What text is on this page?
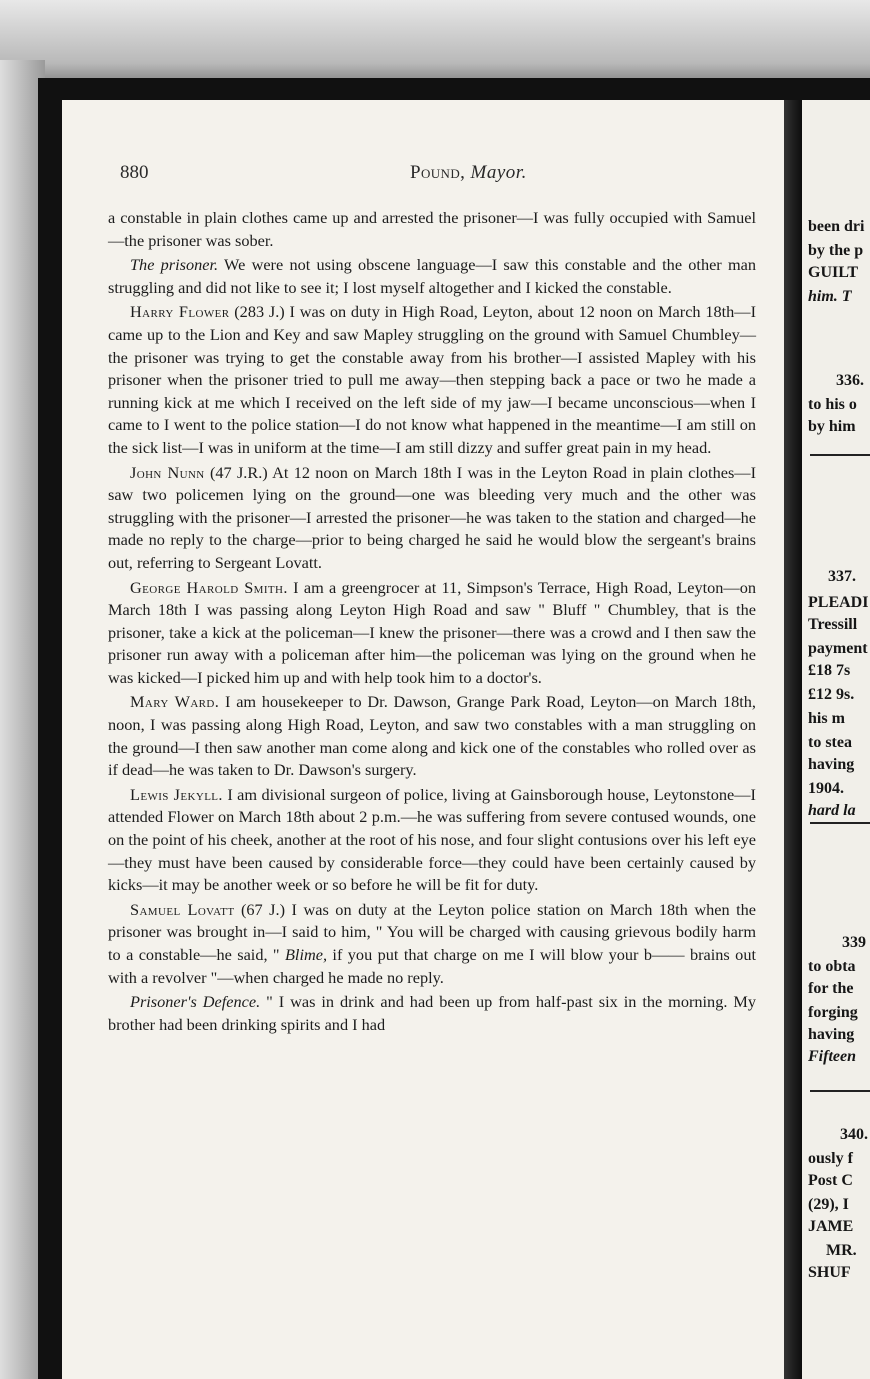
880	Pound, Mayor.

a constable in plain clothes came up and arrested the prisoner—I was fully occupied with Samuel—the prisoner was sober.

The prisoner. We were not using obscene language—I saw this constable and the other man struggling and did not like to see it; I lost myself altogether and I kicked the constable.

Harry Flower (283 J.) I was on duty in High Road, Leyton, about 12 noon on March 18th—I came up to the Lion and Key and saw Mapley struggling on the ground with Samuel Chumbley—the prisoner was trying to get the constable away from his brother—I assisted Mapley with his prisoner when the prisoner tried to pull me away—then stepping back a pace or two he made a running kick at me which I received on the left side of my jaw—I became unconscious—when I came to I went to the police station—I do not know what happened in the meantime—I am still on the sick list—I was in uniform at the time—I am still dizzy and suffer great pain in my head.

John Nunn (47 J.R.) At 12 noon on March 18th I was in the Leyton Road in plain clothes—I saw two policemen lying on the ground—one was bleeding very much and the other was struggling with the prisoner—I arrested the prisoner—he was taken to the station and charged—he made no reply to the charge—prior to being charged he said he would blow the sergeant's brains out, referring to Sergeant Lovatt.

George Harold Smith. I am a greengrocer at 11, Simpson's Terrace, High Road, Leyton—on March 18th I was passing along Leyton High Road and saw " Bluff " Chumbley, that is the prisoner, take a kick at the policeman—I knew the prisoner—there was a crowd and I then saw the prisoner run away with a policeman after him—the policeman was lying on the ground when he was kicked—I picked him up and with help took him to a doctor's.

Mary Ward. I am housekeeper to Dr. Dawson, Grange Park Road, Leyton—on March 18th, noon, I was passing along High Road, Leyton, and saw two constables with a man struggling on the ground—I then saw another man come along and kick one of the constables who rolled over as if dead—he was taken to Dr. Dawson's surgery.

Lewis Jekyll. I am divisional surgeon of police, living at Gainsborough house, Leytonstone—I attended Flower on March 18th about 2 p.m.—he was suffering from severe contused wounds, one on the point of his cheek, another at the root of his nose, and four slight contusions over his left eye—they must have been caused by considerable force—they could have been certainly caused by kicks—it may be another week or so before he will be fit for duty.

Samuel Lovatt (67 J.) I was on duty at the Leyton police station on March 18th when the prisoner was brought in—I said to him, " You will be charged with causing grievous bodily harm to a constable—he said, " Blime, if you put that charge on me I will blow your b—— brains out with a revolver "—when charged he made no reply.

Prisoner's Defence. " I was in drink and had been up from half-past six in the morning. My brother had been drinking spirits and I had

been dri
by the p
GUILT
him. T
336.
to his o
by him
337.
PLEADI
Tressill
payment
£18 7s
£12 9s.
his m
to stea
having
1904.
hard la
339
to obta
for the
forging
having
Fifteen
340.
ously f
Post C
(29), I
JAME
MR.
SHUF
